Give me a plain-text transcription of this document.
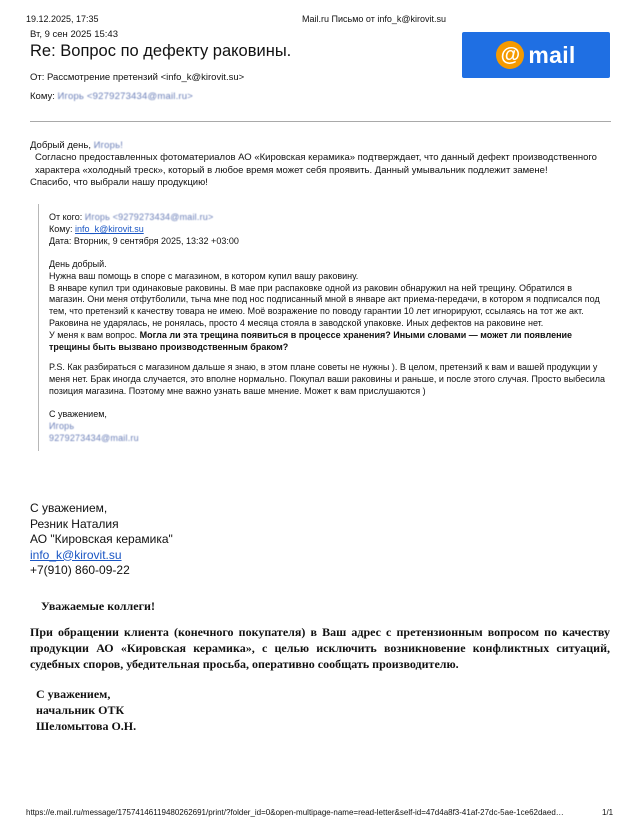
19.12.2025, 17:35	Mail.ru Письмо от info_k@kirovit.su
Вт, 9 сен 2025 15:43
Re: Вопрос по дефекту раковины.
От: Рассмотрение претензий <info_k@kirovit.su>
Кому: Игорь <9279273434@mail.ru>
@ mail

Добрый день, Игорь!

Согласно предоставленных фотоматериалов АО «Кировская керамика» подтверждает, что данный дефект производственного характера «холодный треск», который в любое время может себя проявить. Данный умывальник подлежит замене!

Спасибо, что выбрали нашу продукцию!

От кого: Игорь <9279273434@mail.ru>

Кому: info_k@kirovit.su

Дата: Вторник, 9 сентября 2025, 13:32 +03:00

День добрый.

Нужна ваш помощь в споре с магазином, в котором купил вашу раковину.

В январе купил три одинаковые раковины. В мае при распаковке одной из раковин обнаружил на ней трещину. Обратился в магазин. Они меня отфутболили, тыча мне под нос подписанный мной в январе акт приема-передачи, в котором я подписался под тем, что претензий к качеству товара не имею. Моё возражение по поводу гарантии 10 лет игнорируют, ссылаясь на тот же акт.

Раковина не ударялась, не ронялась, просто 4 месяца стояла в заводской упаковке. Иных дефектов на раковине нет.

У меня к вам вопрос. Могла ли эта трещина появиться в процессе хранения? Иными словами — может ли появление трещины быть вызвано производственным браком?

P.S. Как разбираться с магазином дальше я знаю, в этом плане советы не нужны ). В целом, претензий к вам и вашей продукции у меня нет. Брак иногда случается, это вполне нормально. Покупал ваши раковины и раньше, и после этого случая. Просто выбесила позиция магазина. Поэтому мне важно узнать ваше мнение. Может к вам прислушаются )

С уважением,

Игорь

9279273434@mail.ru

С уважением,

Резник Наталия

АО "Кировская керамика"

info_k@kirovit.su

+7(910) 860-09-22

Уважаемые коллеги!
При обращении клиента (конечного покупателя) в Ваш адрес с претензионным вопросом по качеству продукции АО «Кировская керамика», с целью исключить возникновение конфликтных ситуаций, судебных споров, убедительная просьба, оперативно сообщать производителю.

С уважением,

начальник ОТК

Шеломытова О.Н.

https://e.mail.ru/message/17574146119480262691/print/?folder_id=0&open-multipage-name=read-letter&self-id=47d4a8f3-41af-27dc-5ae-1ce62daed…	1/1
